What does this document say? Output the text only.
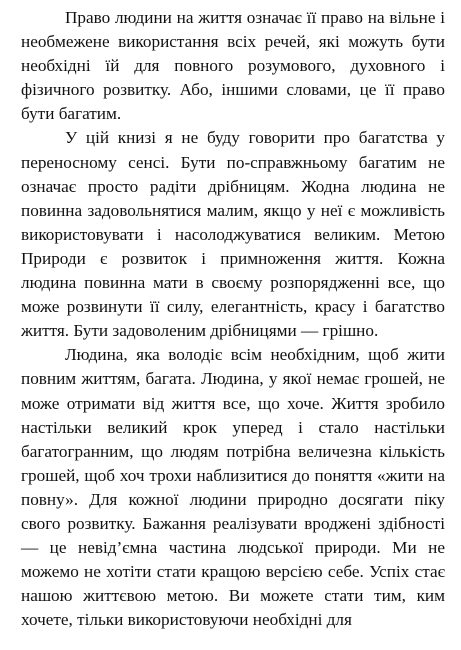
Право людини на життя означає її право на вільне і необмежене використання всіх речей, які можуть бути необхідні їй для повного розумового, духовного і фізичного розвитку. Або, іншими словами, це її право бути багатим.

У цій книзі я не буду говорити про багатства у переносному сенсі. Бути по-справжньому багатим не означає просто радіти дрібницям. Жодна людина не повинна задовольнятися малим, якщо у неї є можливість використовувати і насолоджуватися великим. Метою Природи є розвиток і примноження життя. Кожна людина повинна мати в своєму розпорядженні все, що може розвинути її силу, елегантність, красу і багатство життя. Бути задоволеним дрібницями — грішно.

Людина, яка володіє всім необхідним, щоб жити повним життям, багата. Людина, у якої немає грошей, не може отримати від життя все, що хоче. Життя зробило настільки великий крок уперед і стало настільки багатогранним, що людям потрібна величезна кількість грошей, щоб хоч трохи наблизитися до поняття «жити на повну». Для кожної людини природно досягати піку свого розвитку. Бажання реалізувати вроджені здібності — це невід’ємна частина людської природи. Ми не можемо не хотіти стати кращою версією себе. Успіх стає нашою життєвою метою. Ви можете стати тим, ким хочете, тільки використовуючи необхідні для
